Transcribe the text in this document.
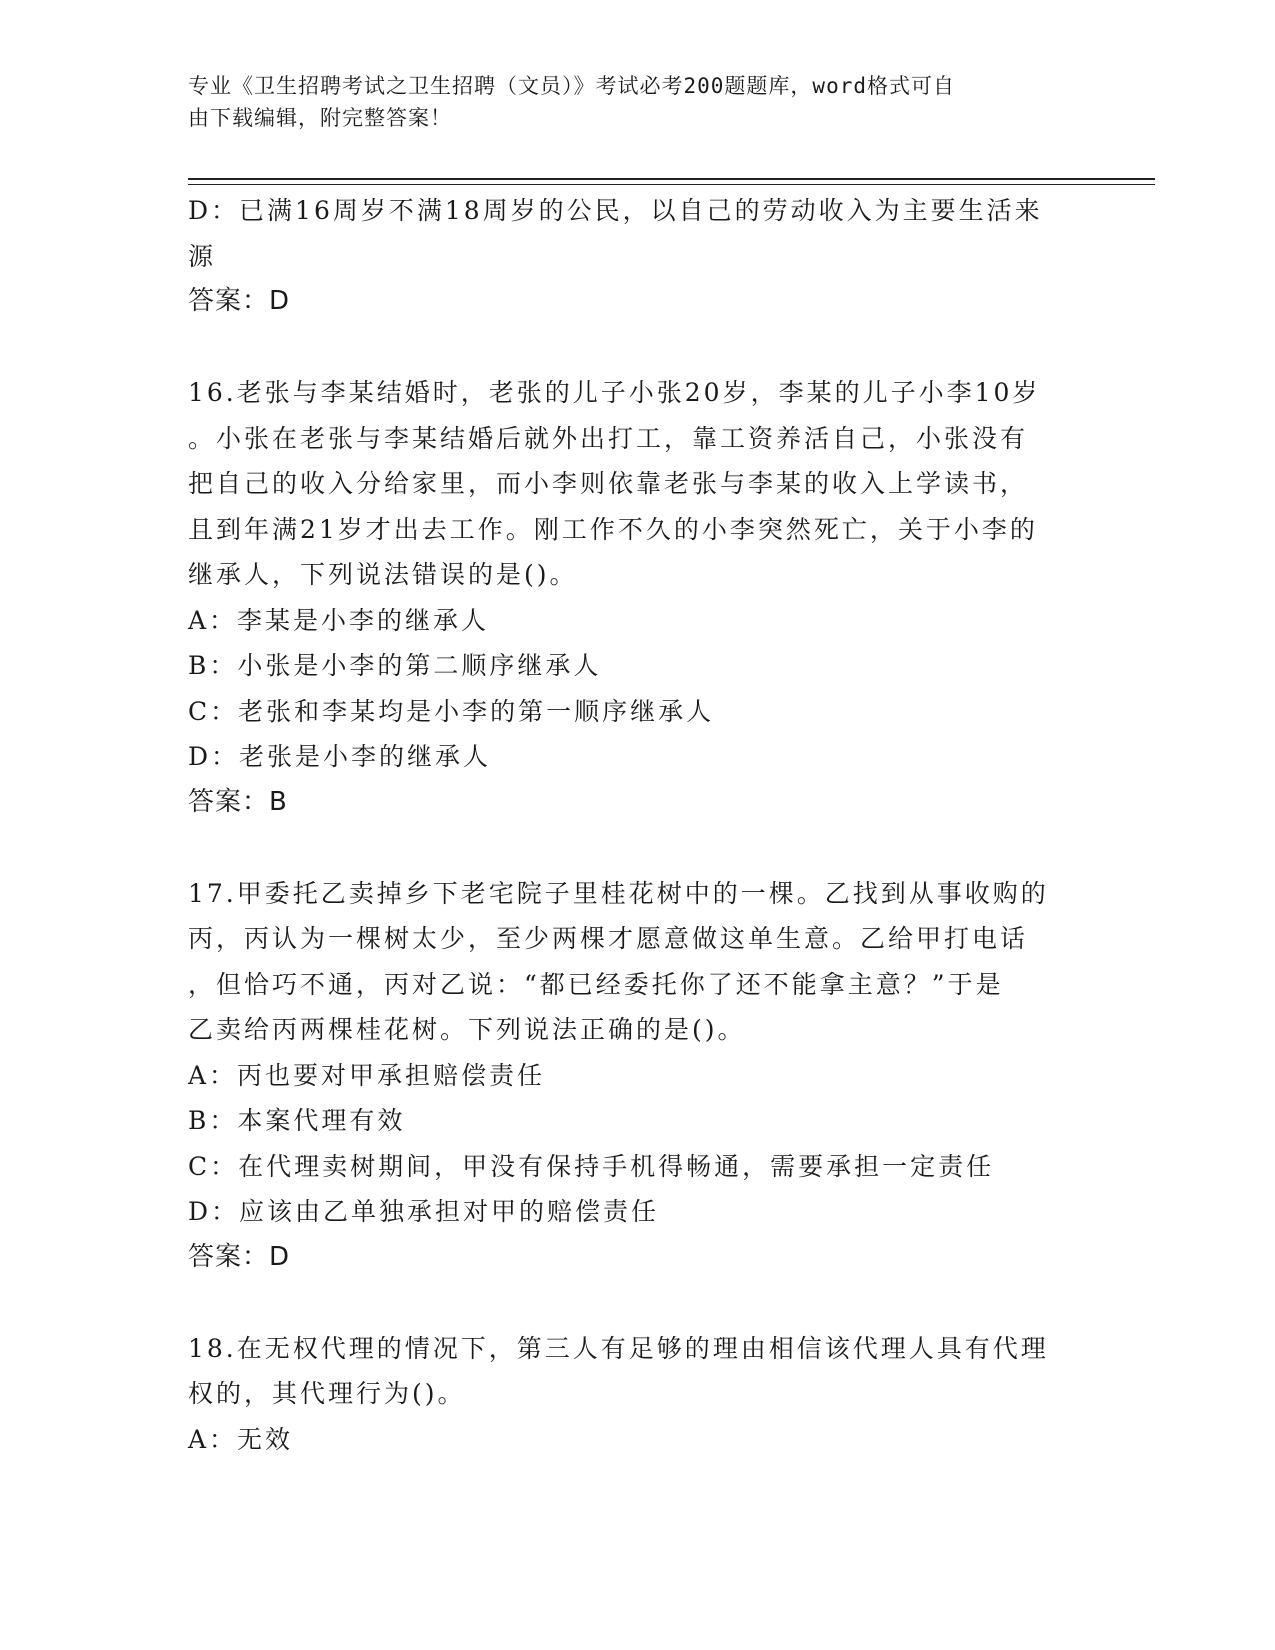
专业《卫生招聘考试之卫生招聘（文员）》考试必考200题题库，word格式可自
由下载编辑，附完整答案！
D：已满16周岁不满18周岁的公民，以自己的劳动收入为主要生活来
源
答案：D
16.老张与李某结婚时，老张的儿子小张20岁，李某的儿子小李10岁
。小张在老张与李某结婚后就外出打工，靠工资养活自己，小张没有
把自己的收入分给家里，而小李则依靠老张与李某的收入上学读书，
且到年满21岁才出去工作。刚工作不久的小李突然死亡，关于小李的
继承人，下列说法错误的是()。
A：李某是小李的继承人
B：小张是小李的第二顺序继承人
C：老张和李某均是小李的第一顺序继承人
D：老张是小李的继承人
答案：B
17.甲委托乙卖掉乡下老宅院子里桂花树中的一棵。乙找到从事收购的
丙，丙认为一棵树太少，至少两棵才愿意做这单生意。乙给甲打电话
，但恰巧不通，丙对乙说：“都已经委托你了还不能拿主意？”于是
乙卖给丙两棵桂花树。下列说法正确的是()。
A：丙也要对甲承担赔偿责任
B：本案代理有效
C：在代理卖树期间，甲没有保持手机得畅通，需要承担一定责任
D：应该由乙单独承担对甲的赔偿责任
答案：D
18.在无权代理的情况下，第三人有足够的理由相信该代理人具有代理
权的，其代理行为()。
A：无效
